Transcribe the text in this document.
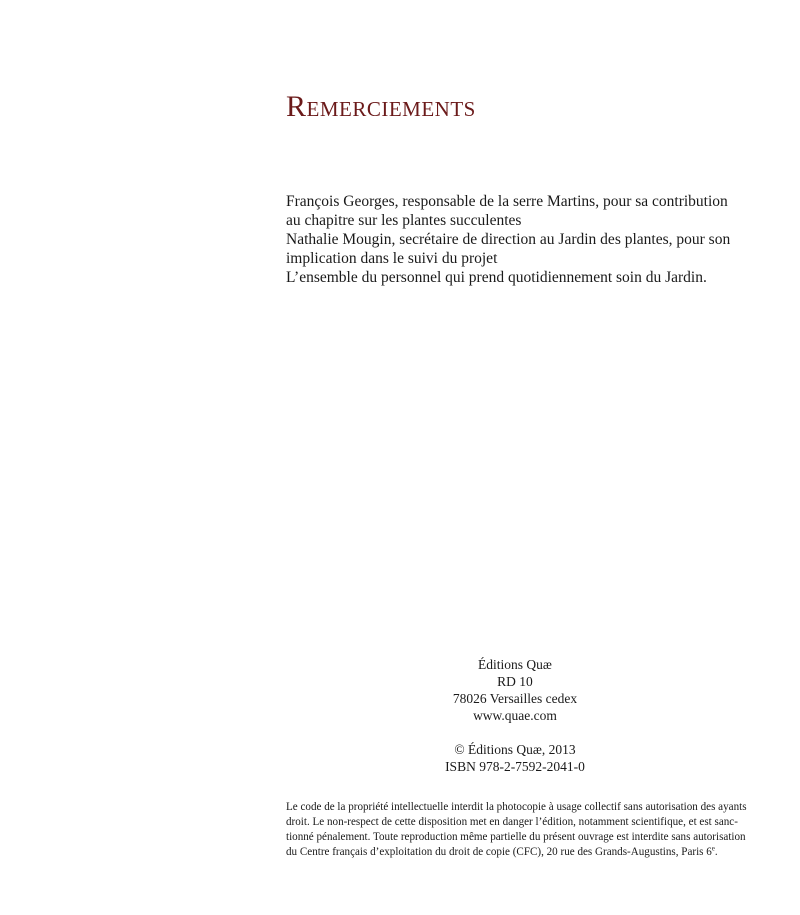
Remerciements
François Georges, responsable de la serre Martins, pour sa contribution
au chapitre sur les plantes succulentes
Nathalie Mougin, secrétaire de direction au Jardin des plantes, pour son
implication dans le suivi du projet
L’ensemble du personnel qui prend quotidiennement soin du Jardin.
Éditions Quæ
RD 10
78026 Versailles cedex
www.quae.com
© Éditions Quæ, 2013
ISBN 978-2-7592-2041-0
Le code de la propriété intellectuelle interdit la photocopie à usage collectif sans autorisation des ayants
droit. Le non-respect de cette disposition met en danger l’édition, notamment scientifique, et est sanc-
tionné pénalement. Toute reproduction même partielle du présent ouvrage est interdite sans autorisation
du Centre français d’exploitation du droit de copie (CFC), 20 rue des Grands-Augustins, Paris 6e.
